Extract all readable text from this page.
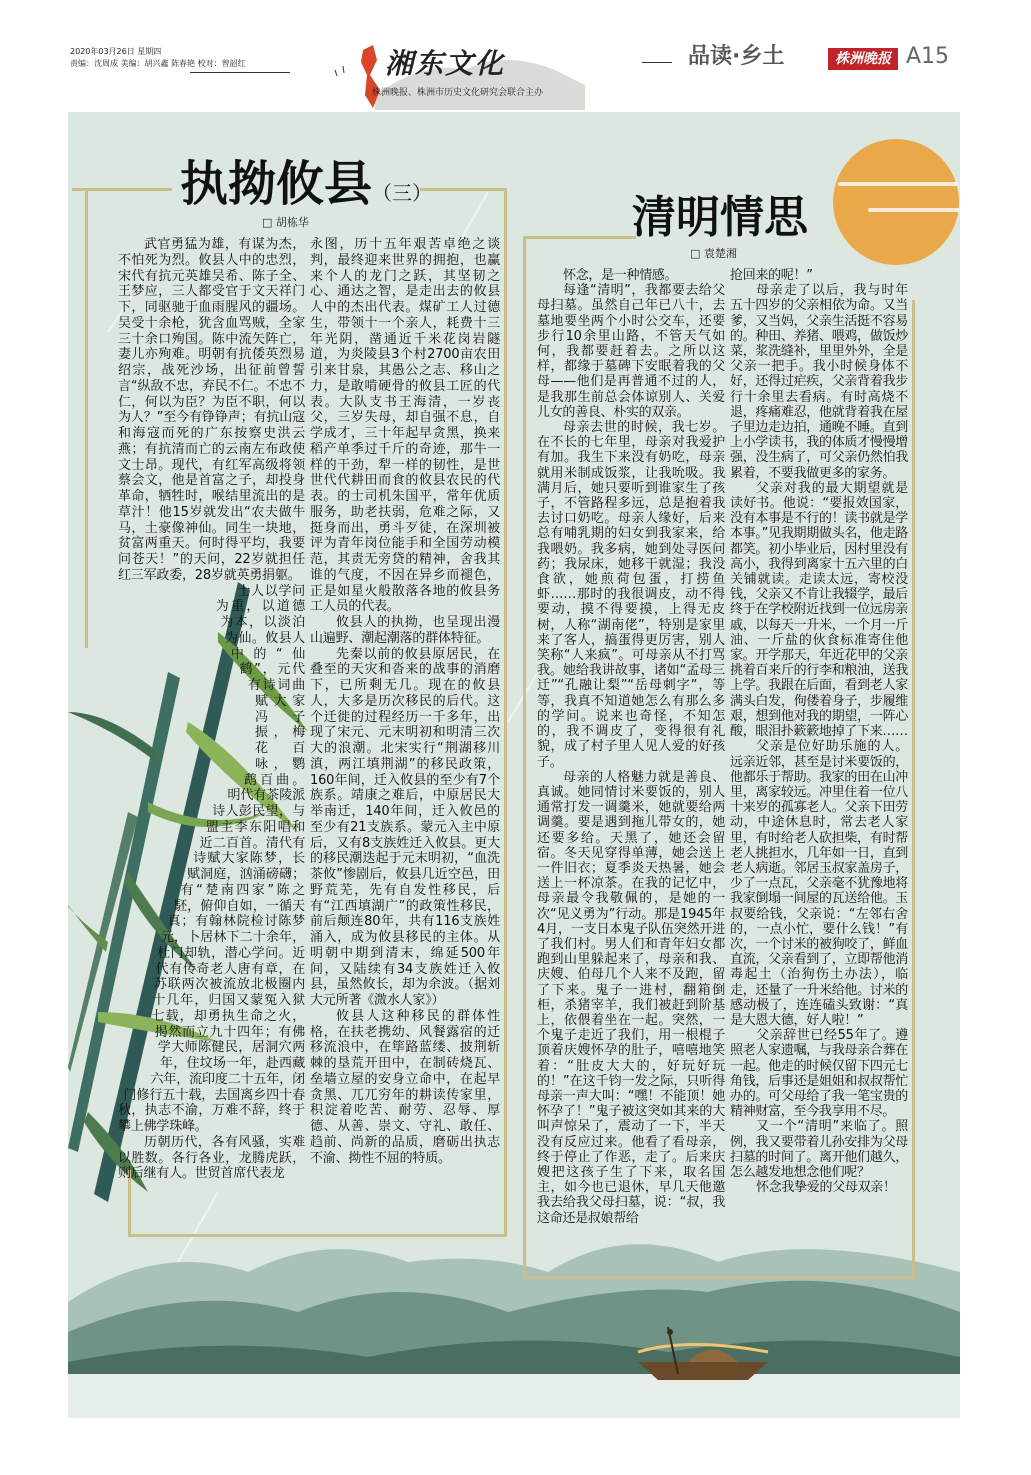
2020年03月26日 星期四
责编：沈周成 美编：胡兴鑫 陈春艳 校对：曾韶红	湘东文化
株洲晚报、株洲市历史文化研究会联合主办
品读·乡土	株洲晚报 A15
执拗攸县（三）
□ 胡栋华

武官勇猛为雄，有谋为杰，不怕死为烈。攸县人中的忠烈，宋代有抗元英雄吴希、陈子全、王梦应，三人都受官于文天祥门下，同驱驰于血雨腥风的疆场。吴受十余枪，犹含血骂贼，全家三十余口殉国。陈中流矢阵亡，妻儿亦殉难。明朝有抗倭英烈易绍宗，战死沙场，出征前曾誓言“纵敌不忠，弃民不仁。不忠不仁，何以为臣？为臣不职，何以为人？”至今有铮铮声；有抗山寇和海寇而死的广东按察史洪云燕；有抗清而亡的云南左布政使文士昂。现代，有红军高级将领蔡会文，他是首富之子，却投身革命，牺牲时，喉结里流出的是草汁！他15岁就发出“农夫做牛马，土豪像神仙。同生一块地，贫富两重天。何时得平均，我要问苍天！”的天问，22岁就担任红三军政委，28岁就英勇捐躯。

士人以学问为重，以道德为本，以淡泊为仙。攸县人中的“仙鹤”，元代有诗词曲赋大家冯子振，梅花百咏，鹦鹉百曲。明代有茶陵派诗人彭民望，与盟主李东阳唱和近二百首。清代有诗赋大家陈梦，长赋洞庭，汹涌磅礴；有“楚南四家”陈之駓，俯仰自如，一循天真；有翰林院检讨陈梦元，卜居林下二十余年，杜门却轨，潜心学问。近代有传奇老人唐有章，在苏联两次被流放北极圈内十几年，归国又蒙冤入狱七载，却勇执生命之火，揭然而立九十四年；有佛学大师陈健民，居洞穴两年，住坟场一年，赴西藏六年，流印度二十五年，闭门修行五十载，去国离乡四十春秋，执志不渝，万难不辞，终于攀上佛学珠峰。

历朝历代，各有风骚，实难以胜数。各行各业，龙腾虎跃，则后继有人。世贸首席代表龙

永图，历十五年艰苦卓绝之谈判，最终迎来世界的拥抱，也赢来个人的龙门之跃，其坚韧之心、通达之智，是走出去的攸县人中的杰出代表。煤矿工人过德生，带领十一个亲人，耗费十三年光阴，凿通近千米花岗岩隧道，为炎陵县3个村2700亩农田引来甘泉，其愚公之志、移山之力，是敢啃硬骨的攸县工匠的代表。大队支书王海清，一岁丧父，三岁失母，却自强不息，自学成才，三十年起早贪黑，换来稻产单季过千斤的奇迹，那牛一样的干劲，犁一样的韧性，是世世代代耕田而食的攸县农民的代表。的士司机朱国平，常年优质服务，助老扶弱，危难之际，又挺身而出，勇斗歹徒，在深圳被评为青年岗位能手和全国劳动模范，其责无旁贷的精神，舍我其谁的气度，不因在异乡而褪色，正是如星火般散落各地的攸县务工人员的代表。

攸县人的执拗，也呈现出漫山遍野、潮起潮落的群体特征。

先秦以前的攸县原居民，在叠至的天灾和沓来的战事的消磨下，已所剩无几。现在的攸县人，大多是历次移民的后代。这个迁徙的过程经历一千多年，出现了宋元、元末明初和明清三次大的浪潮。北宋实行“荆湖移川滇，两江填荆湖”的移民政策，160年间，迁入攸县的至少有7个族系。靖康之难后，中原居民大举南迁，140年间，迁入攸邑的至少有21支族系。蒙元入主中原后，又有8支族姓迁入攸县。更大的移民潮迭起于元末明初，“血洗茶攸”惨剧后，攸县几近空邑，田野荒芜，先有自发性移民，后有“江西填湖广”的政策性移民，前后颠连80年，共有116支族姓涌入，成为攸县移民的主体。从明朝中期到清末，绵延500年间，又陆续有34支族姓迁入攸县，虽然攸长，却为余波。（据刘大元所著《溦水人家》）

攸县人这种移民的群体性格，在扶老携幼、风餐露宿的迁移流浪中，在筚路蓝缕、披荆斩棘的垦荒开田中，在制砖烧瓦、垒墙立屋的安身立命中，在起早贪黑、兀兀穷年的耕读传家里，积淀着吃苦、耐劳、忍辱、厚德、从善、崇文、守礼、敢任、趋前、尚新的品质，磨砺出执志不渝、拗性不屈的特质。

清明情思
□ 袁楚湘

怀念，是一种情感。

每逢“清明”，我都要去给父母扫墓。虽然自己年已八十，去墓地要坐两个小时公交车，还要步行10余里山路，不管天气如何，我都要赶着去。之所以这样，都缘于墓碑下安眠着我的父母——他们是再普通不过的人，是我那生前总会体谅别人、关爱儿女的善良、朴实的双亲。

母亲去世的时候，我七岁。在不长的七年里，母亲对我爱护有加。我生下来没有奶吃，母亲就用米制成饭浆，让我吮吸。我满月后，她只要听到谁家生了孩子，不管路程多远，总是抱着我去讨口奶吃。母亲人缘好，后来总有哺乳期的妇女到我家来，给我喂奶。我多病，她到处寻医问药；我尿床，她移干就湿；我没食欲，她煎荷包蛋，打捞鱼虾……那时的我很调皮，动不得要动，摸不得要摸，上得无皮树，人称“湖南佬”，特别是家里来了客人，搞蛋得更厉害，别人笑称“人来疯”。可母亲从不打骂我。她给我讲故事，诸如“孟母三迁”“孔融让梨”“岳母刺字”，等等，我真不知道她怎么有那么多的学问。说来也奇怪，不知怎的，我不调皮了，变得很有礼貌，成了村子里人见人爱的好孩子。

母亲的人格魅力就是善良、真诚。她同情讨米要饭的，别人通常打发一调羹米，她就要给两调羹。要是遇到拖儿带女的，她还要多给。天黑了，她还会留宿。冬天见穿得单薄，她会送上一件旧衣；夏季炎天热暑，她会送上一杯凉茶。在我的记忆中，母亲最令我敬佩的，是她的一次“见义勇为”行动。那是1945年4月，一支日本鬼子队伍突然开进了我们村。男人们和青年妇女都跑到山里躲起来了，母亲和我、庆嫂、伯母几个人来不及跑，留了下来。鬼子一进村，翻箱倒柜，杀猪宰羊，我们被赶到阶基上，依偎着坐在一起。突然，一个鬼子走近了我们，用一根棍子顶着庆嫂怀孕的肚子，嘻嘻地笑着：“肚皮大大的，好玩好玩的！”在这千钧一发之际，只听得母亲一声大叫：“嘿！不能顶！她怀孕了！”鬼子被这突如其来的大叫声惊呆了，震动了一下，半天没有反应过来。他看了看母亲，终于停止了作恶，走了。后来庆嫂把这孩子生了下来，取名国主，如今也已退休，早几天他邀我去给我父母扫墓，说：“叔，我这命还是叔娘帮给

抢回来的呢！”

母亲走了以后，我与时年五十四岁的父亲相依为命。又当爹，又当妈，父亲生活挺不容易的。种田、养猪、喂鸡，做饭炒菜，浆洗缝补，里里外外，全是父亲一把手。我小时候身体不好，还得过疟疾，父亲背着我步行十余里去看病。有时高烧不退，疼痛难忍，他就背着我在屋子里边走边拍，通晚不睡。直到上小学读书，我的体质才慢慢增强，没生病了，可父亲仍然怕我累着，不要我做更多的家务。

父亲对我的最大期望就是读好书。他说：“要报效国家，没有本事是不行的！读书就是学本事。”见我期期做头名，他走路都笑。初小毕业后，因村里没有高小，我得到离家十五六里的白关铺就读。走读太远，寄校没钱，父亲又不肯让我辍学，最后终于在学校附近找到一位远房亲戚，以每天一升米，一个月一斤油、一斤盐的伙食标准寄住他家。开学那天，年近花甲的父亲挑着百来斤的行李和粮油，送我上学。我跟在后面，看到老人家满头白发，佝偻着身子，步履维艰，想到他对我的期望，一阵心酸，眼泪扑簌簌地掉了下来……

父亲是位好助乐施的人。远亲近邻，甚至是讨米要饭的，他都乐于帮助。我家的田在山冲里，离家较远。冲里住着一位八十来岁的孤寡老人。父亲下田劳动，中途休息时，常去老人家里，有时给老人砍担柴，有时帮老人挑担水，几年如一日，直到老人病逝。邻居玉叔家盖房子，少了一点瓦，父亲毫不犹豫地将我家倒塌一间屋的瓦送给他。玉叔要给钱，父亲说：“左邻右舍的，一点小忙，要什么钱！”有次，一个讨米的被狗咬了，鲜血直流，父亲看到了，立即帮他消毒起土（治狗伤土办法），临走，还量了一升米给他。讨米的感动极了，连连磕头致谢：“真是大恩大德，好人啦！”

父亲辞世已经55年了。遵照老人家遗嘱，与我母亲合葬在一起。他走的时候仅留下四元七角钱，后事还是姐姐和叔叔帮忙办的。可父母给了我一笔宝贵的精神财富，至今我享用不尽。

又一个“清明”来临了。照例，我又要带着儿孙安排为父母扫墓的时间了。离开他们越久，怎么越发地想念他们呢？

怀念我挚爱的父母双亲！
